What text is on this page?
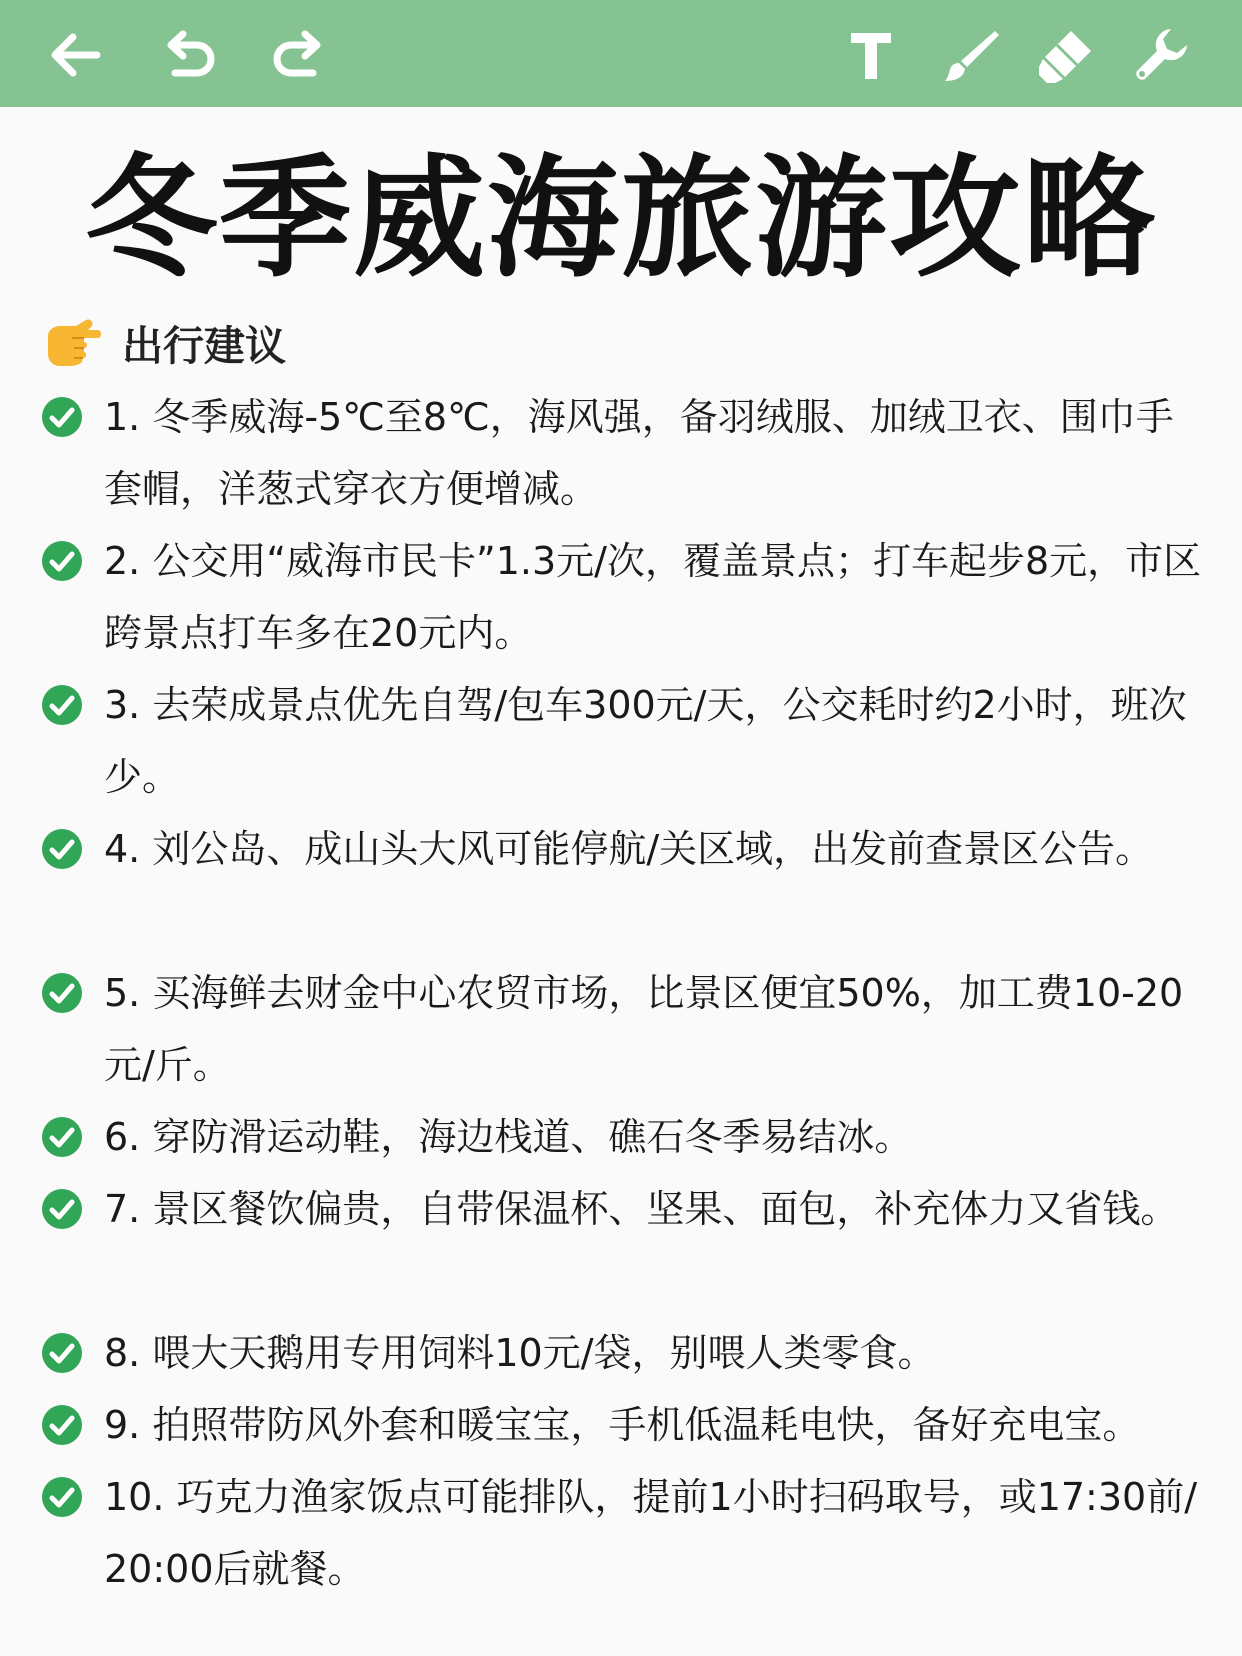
冬季威海旅游攻略
出行建议
1. 冬季威海-5℃至8℃，海风强，备羽绒服、加绒卫衣、围巾手套帽，洋葱式穿衣方便增减。
2. 公交用“威海市民卡”1.3元/次，覆盖景点；打车起步8元，市区跨景点打车多在20元内。
3. 去荣成景点优先自驾/包车300元/天，公交耗时约2小时，班次少。
4. 刘公岛、成山头大风可能停航/关区域，出发前查景区公告。
5. 买海鲜去财金中心农贸市场，比景区便宜50%，加工费10-20元/斤。
6. 穿防滑运动鞋，海边栈道、礁石冬季易结冰。
7. 景区餐饮偏贵，自带保温杯、坚果、面包，补充体力又省钱。
8. 喂大天鹅用专用饲料10元/袋，别喂人类零食。
9. 拍照带防风外套和暖宝宝，手机低温耗电快，备好充电宝。
10. 巧克力渔家饭点可能排队，提前1小时扫码取号，或17:30前/20:00后就餐。
